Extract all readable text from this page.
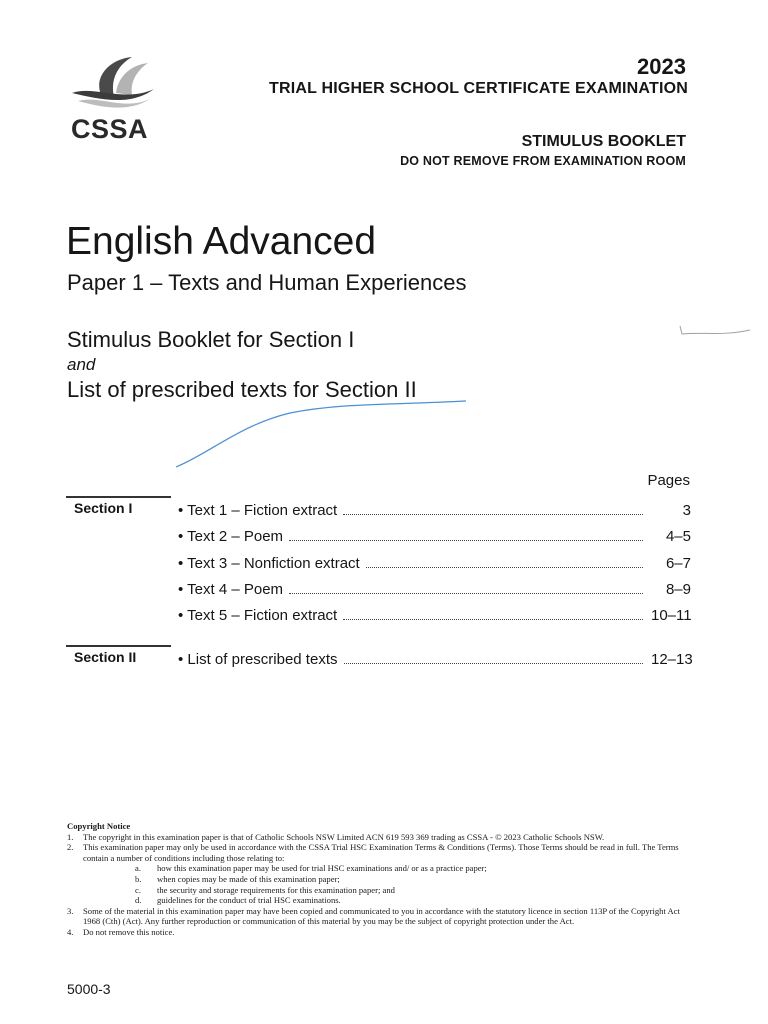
CSSA
2023
TRIAL HIGHER SCHOOL CERTIFICATE EXAMINATION
STIMULUS BOOKLET
DO NOT REMOVE FROM EXAMINATION ROOM
English Advanced
Paper 1 – Texts and Human Experiences
Stimulus Booklet for Section I
and
List of prescribed texts for Section II
Pages
Section I	• Text 1 – Fiction extract	3
• Text 2 – Poem	4–5
• Text 3 – Nonfiction extract	6–7
• Text 4 – Poem	8–9
• Text 5 – Fiction extract	10–11
Section II	• List of prescribed texts	12–13
Copyright Notice
1.	The copyright in this examination paper is that of Catholic Schools NSW Limited ACN 619 593 369 trading as CSSA - © 2023 Catholic Schools NSW.
2.	This examination paper may only be used in accordance with the CSSA Trial HSC Examination Terms & Conditions (Terms). Those Terms should be read in full. The Terms contain a number of conditions including those relating to:
a.	how this examination paper may be used for trial HSC examinations and/ or as a practice paper;
b.	when copies may be made of this examination paper;
c.	the security and storage requirements for this examination paper; and
d.	guidelines for the conduct of trial HSC examinations.
3.	Some of the material in this examination paper may have been copied and communicated to you in accordance with the statutory licence in section 113P of the Copyright Act 1968 (Cth) (Act). Any further reproduction or communication of this material by you may be the subject of copyright protection under the Act.
4.	Do not remove this notice.
5000-3
